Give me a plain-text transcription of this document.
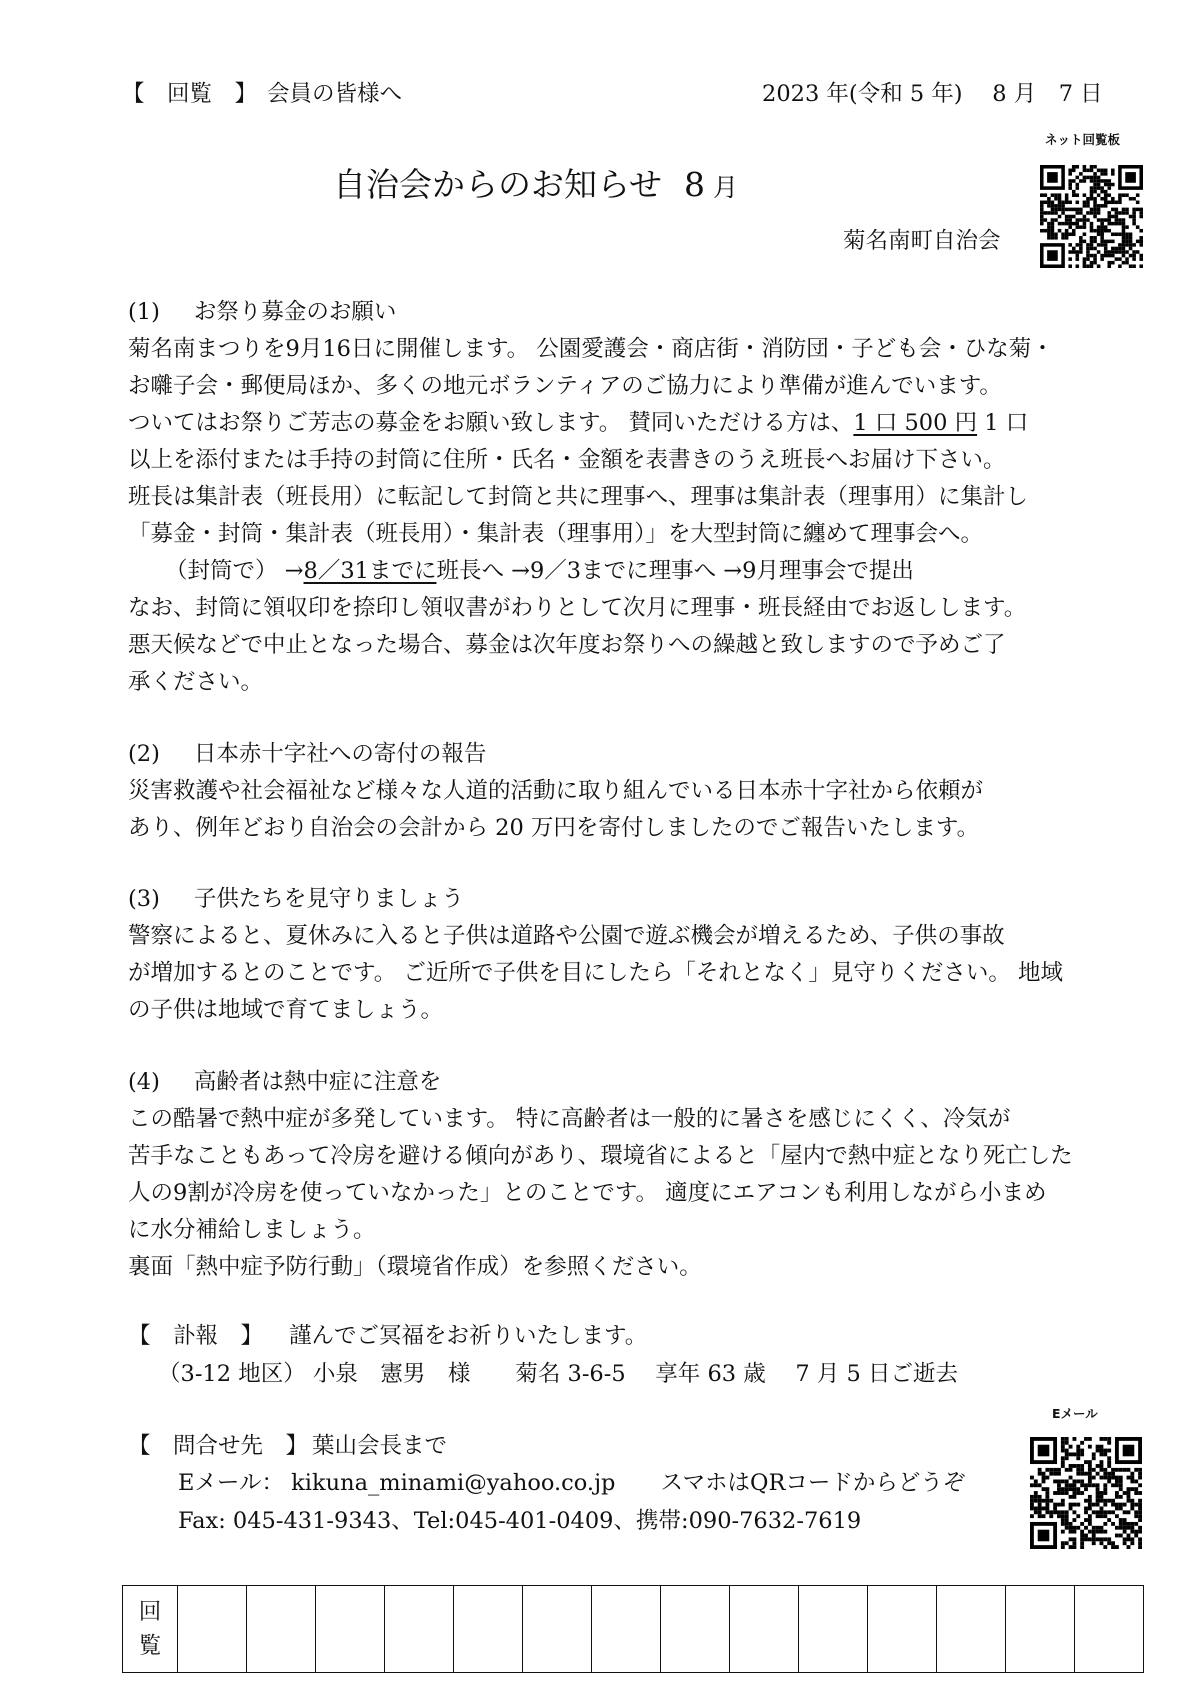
【　回覧　】 会員の皆様へ	2023 年(令和 5 年)　 8 月　7 日
ネット回覧板
自治会からのお知らせ 8 月
菊名南町自治会
(1) お祭り募金のお願い
菊名南まつりを9月16日に開催します。 公園愛護会・商店街・消防団・子ども会・ひな菊・
お囃子会・郵便局ほか、多くの地元ボランティアのご協力により準備が進んでいます。
ついてはお祭りご芳志の募金をお願い致します。 賛同いただける方は、1 口 500 円 1 口
以上を添付または手持の封筒に住所・氏名・金額を表書きのうえ班長へお届け下さい。
班長は集計表（班長用）に転記して封筒と共に理事へ、理事は集計表（理事用）に集計し
「募金・封筒・集計表（班長用）・集計表（理事用）」を大型封筒に纏めて理事会へ。
（封筒で） →8／31までに班長へ →9／3までに理事へ →9月理事会で提出
なお、封筒に領収印を捺印し領収書がわりとして次月に理事・班長経由でお返しします。
悪天候などで中止となった場合、募金は次年度お祭りへの繰越と致しますので予めご了
承ください。
(2) 日本赤十字社への寄付の報告
災害救護や社会福祉など様々な人道的活動に取り組んでいる日本赤十字社から依頼が
あり、例年どおり自治会の会計から 20 万円を寄付しましたのでご報告いたします。
(3) 子供たちを見守りましょう
警察によると、夏休みに入ると子供は道路や公園で遊ぶ機会が増えるため、子供の事故
が増加するとのことです。 ご近所で子供を目にしたら「それとなく」見守りください。 地域
の子供は地域で育てましょう。
(4) 高齢者は熱中症に注意を
この酷暑で熱中症が多発しています。 特に高齢者は一般的に暑さを感じにくく、冷気が
苦手なこともあって冷房を避ける傾向があり、環境省によると「屋内で熱中症となり死亡した
人の9割が冷房を使っていなかった」とのことです。 適度にエアコンも利用しながら小まめ
に水分補給しましょう。
裏面「熱中症予防行動」（環境省作成）を参照ください。
【　訃報　】 謹んでご冥福をお祈りいたします。
（3-12 地区） 小泉　憲男　様　　菊名 3-6-5　 享年 63 歳　 7 月 5 日ご逝去
Eメール
【　問合せ先　】 葉山会長まで
Eメール： kikuna_minami@yahoo.co.jp　　スマホはQRコードからどうぞ
Fax: 045-431-9343、Tel:045-401-0409、携帯:090-7632-7619
回
覧														
